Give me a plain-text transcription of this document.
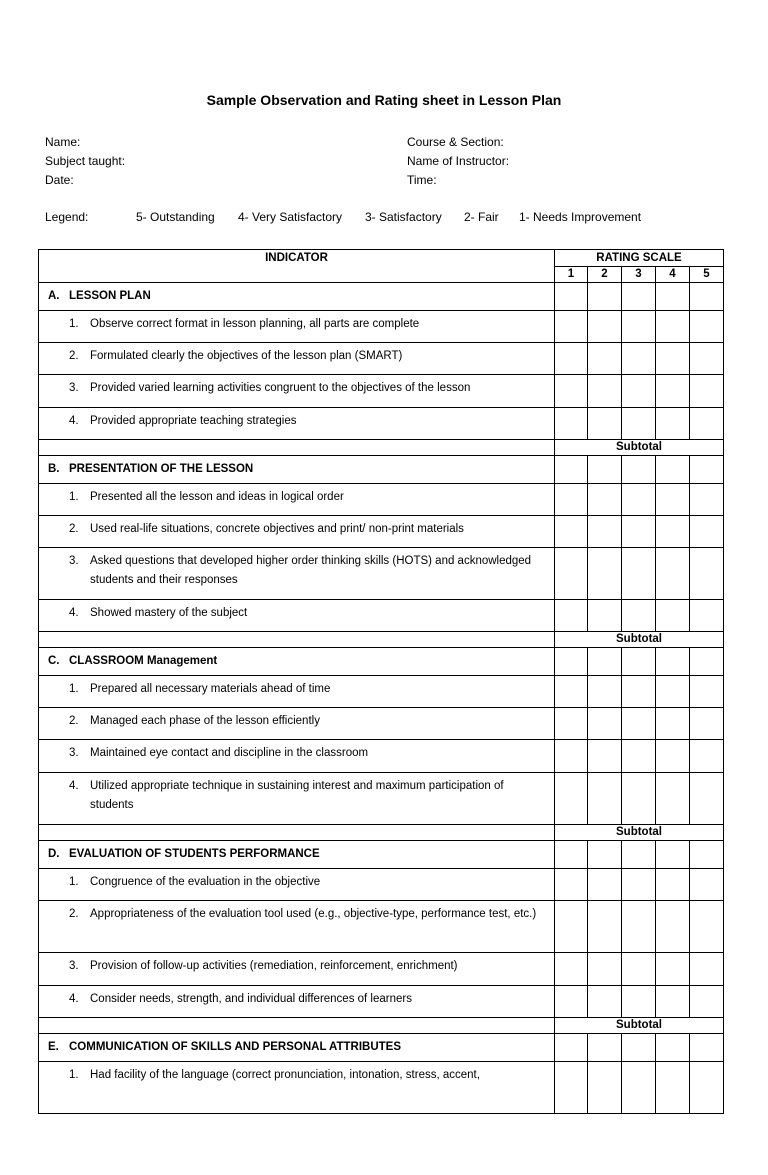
Sample Observation and Rating sheet in Lesson Plan
Name:
Subject taught:
Date:
Course & Section:
Name of Instructor:
Time:
Legend:	5- Outstanding 4- Very Satisfactory 3- Satisfactory 2- Fair 1- Needs Improvement
INDICATOR	RATING SCALE				
	1	2	3	4	5
A. LESSON PLAN					

1. Observe correct format in lesson planning, all parts are complete					

2. Formulated clearly the objectives of the lesson plan (SMART)					

3. Provided varied learning activities congruent to the objectives of the lesson					

4. Provided appropriate teaching strategies					

	Subtotal				
B. PRESENTATION OF THE LESSON					

1. Presented all the lesson and ideas in logical order					

2. Used real-life situations, concrete objectives and print/ non-print materials					

3. Asked questions that developed higher order thinking skills (HOTS) and acknowledged students and their responses					

4. Showed mastery of the subject					

	Subtotal				
C. CLASSROOM Management					

1. Prepared all necessary materials ahead of time					

2. Managed each phase of the lesson efficiently					

3. Maintained eye contact and discipline in the classroom					

4. Utilized appropriate technique in sustaining interest and maximum participation of students					

	Subtotal				
D. EVALUATION OF STUDENTS PERFORMANCE					

1. Congruence of the evaluation in the objective					

2. Appropriateness of the evaluation tool used (e.g., objective-type, performance test, etc.)					

3. Provision of follow-up activities (remediation, reinforcement, enrichment)					

4. Consider needs, strength, and individual differences of learners					

	Subtotal				
E. COMMUNICATION OF SKILLS AND PERSONAL ATTRIBUTES					

1. Had facility of the language (correct pronunciation, intonation, stress, accent,					
